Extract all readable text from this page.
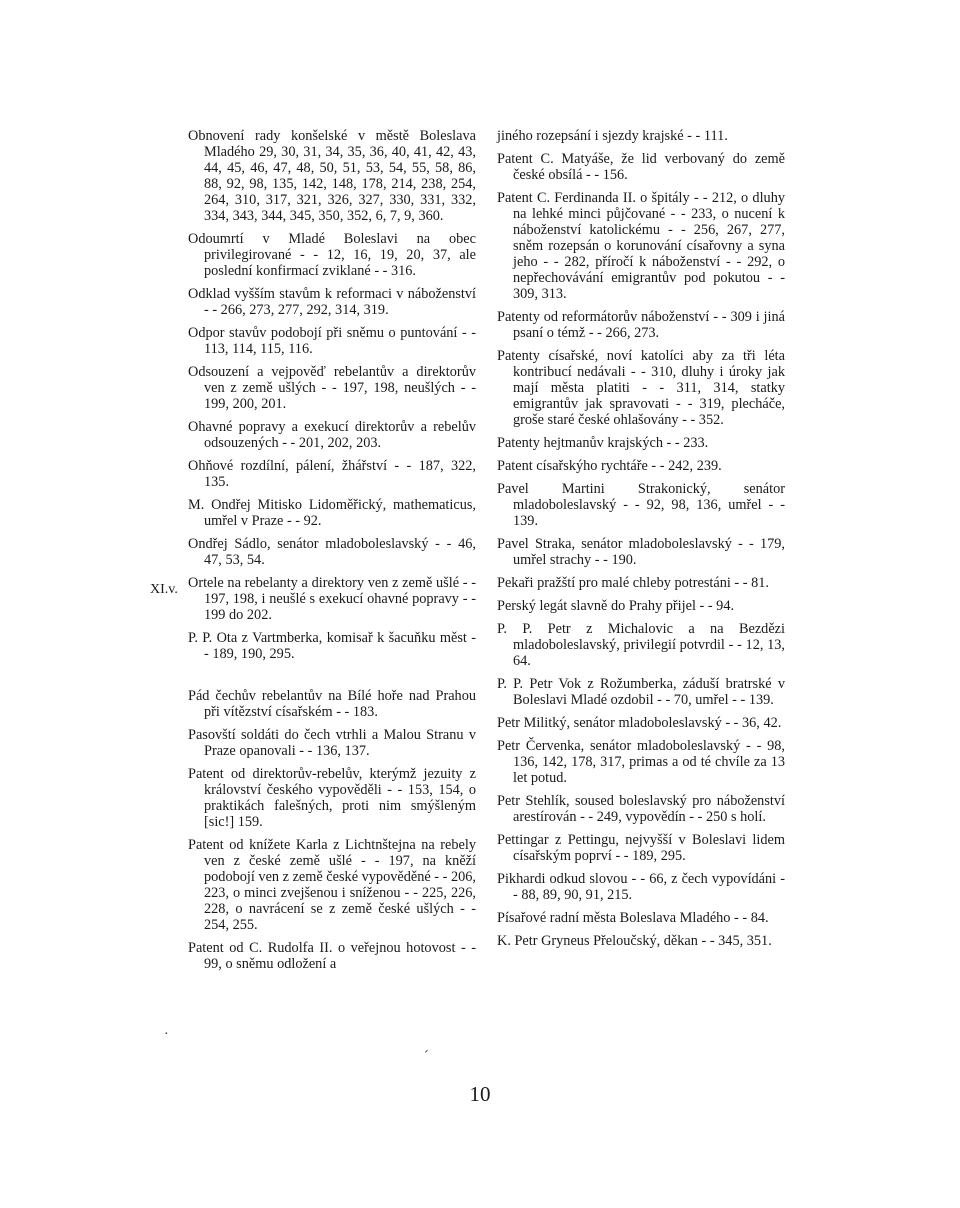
Obnovení rady konšelské v městě Boleslava Mladého 29, 30, 31, 34, 35, 36, 40, 41, 42, 43, 44, 45, 46, 47, 48, 50, 51, 53, 54, 55, 58, 86, 88, 92, 98, 135, 142, 148, 178, 214, 238, 254, 264, 310, 317, 321, 326, 327, 330, 331, 332, 334, 343, 344, 345, 350, 352, 6, 7, 9, 360.

Odoumrtí v Mladé Boleslavi na obec privilegirované - - 12, 16, 19, 20, 37, ale poslední konfirmací zviklané - - 316.

Odklad vyšším stavům k reformaci v náboženství - - 266, 273, 277, 292, 314, 319.

Odpor stavův podobojí při sněmu o puntování - - 113, 114, 115, 116.

Odsouzení a vejpověď rebelantův a direktorův ven z země ušlých - - 197, 198, neušlých - - 199, 200, 201.

Ohavné popravy a exekucí direktorův a rebelův odsouzených - - 201, 202, 203.

Ohňové rozdílní, pálení, žhářství - - 187, 322, 135.

M. Ondřej Mitisko Lidoměřický, mathematicus, umřel v Praze - - 92.

Ondřej Sádlo, senátor mladoboleslavský - - 46, 47, 53, 54.

Ortele na rebelanty a direktory ven z země ušlé - - 197, 198, i neušlé s exekucí ohavné popravy - - 199 do 202.

P. P. Ota z Vartmberka, komisař k šacuňku měst - - 189, 190, 295.

Pád čechův rebelantův na Bílé hoře nad Prahou při vítězství císařském - - 183.

Pasovští soldáti do čech vtrhli a Malou Stranu v Praze opanovali - - 136, 137.

Patent od direktorův-rebelův, kterýmž jezuity z království českého vypověděli - - 153, 154, o praktikách falešných, proti nim smýšleným [sic!] 159.

Patent od knížete Karla z Lichtnštejna na rebely ven z české země ušlé - - 197, na kněží podobojí ven z země české vypověděné - - 206, 223, o minci zvejšenou i sníženou - - 225, 226, 228, o navrácení se z země české ušlých - - 254, 255.

Patent od C. Rudolfa II. o veřejnou hotovost - - 99, o sněmu odložení a

jiného rozepsání i sjezdy krajské - - 111.

Patent C. Matyáše, že lid verbovaný do země české obsílá - - 156.

Patent C. Ferdinanda II. o špitály - - 212, o dluhy na lehké minci půjčované - - 233, o nucení k náboženství katolickému - - 256, 267, 277, sněm rozepsán o korunování císařovny a syna jeho - - 282, příročí k náboženství - - 292, o nepřechovávání emigrantův pod pokutou - - 309, 313.

Patenty od reformátorův náboženství - - 309 i jiná psaní o témž - - 266, 273.

Patenty císařské, noví katolíci aby za tři léta kontribucí nedávali - - 310, dluhy i úroky jak mají města platiti - - 311, 314, statky emigrantův jak spravovati - - 319, plecháče, groše staré české ohlašovány - - 352.

Patenty hejtmanův krajských - - 233.

Patent císařskýho rychtáře - - 242, 239.

Pavel Martini Strakonický, senátor mladoboleslavský - - 92, 98, 136, umřel - - 139.

Pavel Straka, senátor mladoboleslavský - - 179, umřel strachy - - 190.

Pekaři pražští pro malé chleby potrestáni - - 81.

Perský legát slavně do Prahy přijel - - 94.

P. P. Petr z Michalovic a na Bezdězi mladoboleslavský, privilegií potvrdil - - 12, 13, 64.

P. P. Petr Vok z Rožumberka, záduší bratrské v Boleslavi Mladé ozdobil - - 70, umřel - - 139.

Petr Militký, senátor mladoboleslavský - - 36, 42.

Petr Červenka, senátor mladoboleslavský - - 98, 136, 142, 178, 317, primas a od té chvíle za 13 let potud.

Petr Stehlík, soused boleslavský pro náboženství arestírován - - 249, vypovědín - - 250 s holí.

Pettingar z Pettingu, nejvyšší v Boleslavi lidem císařským poprví - - 189, 295.

Pikhardi odkud slovou - - 66, z čech vypovídáni - - 88, 89, 90, 91, 215.

Písařové radní města Boleslava Mladého - - 84.

K. Petr Gryneus Přeloučský, děkan - - 345, 351.

XI.v.
·
ˊ
10
